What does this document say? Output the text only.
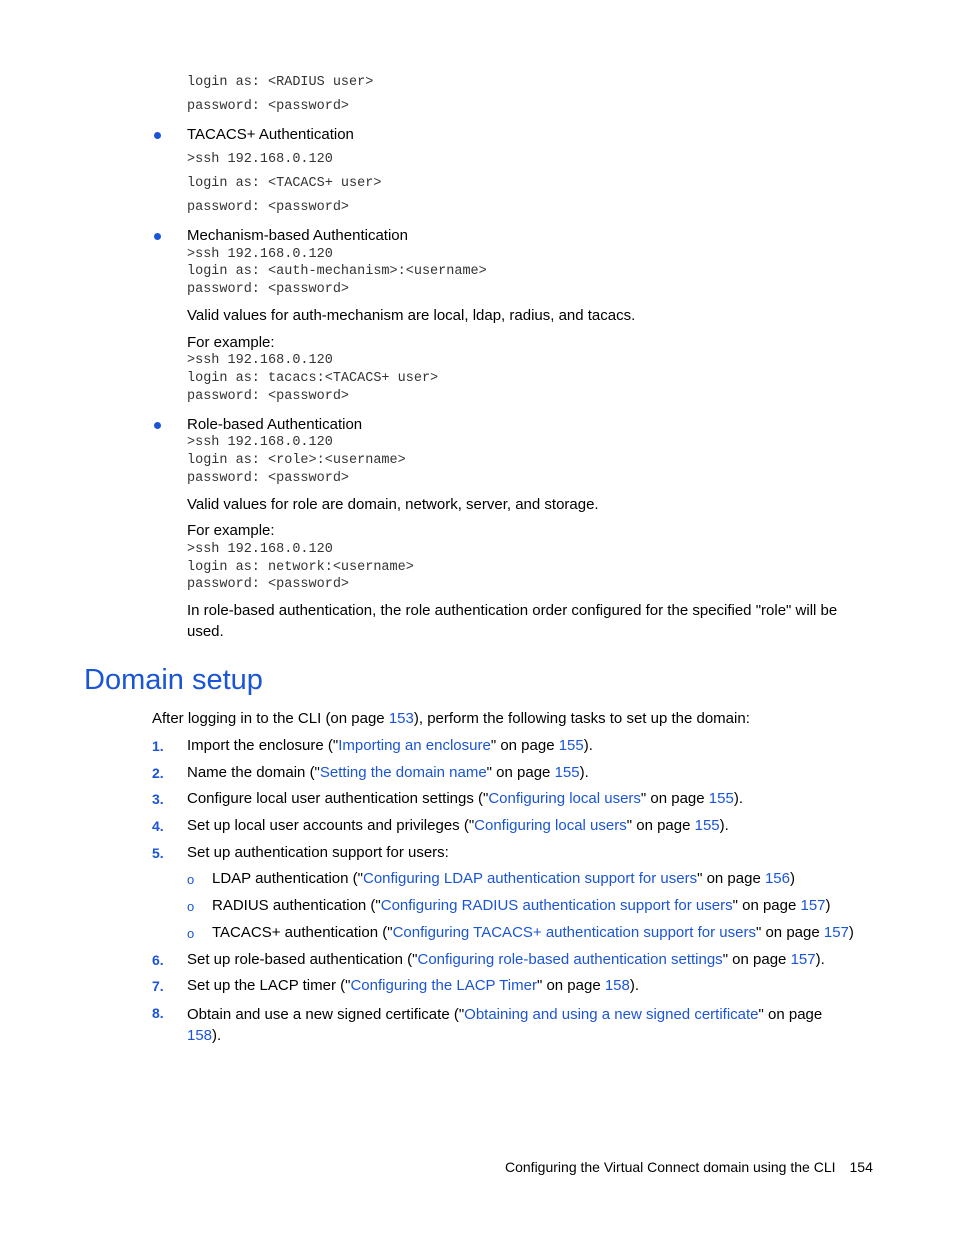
login as: <RADIUS user>
password: <password>
TACACS+ Authentication
>ssh 192.168.0.120
login as: <TACACS+ user>
password: <password>
Mechanism-based Authentication
>ssh 192.168.0.120
login as: <auth-mechanism>:<username>
password: <password>
Valid values for auth-mechanism are local, ldap, radius, and tacacs.
For example:
>ssh 192.168.0.120
login as: tacacs:<TACACS+ user>
password: <password>
Role-based Authentication
>ssh 192.168.0.120
login as: <role>:<username>
password: <password>
Valid values for role are domain, network, server, and storage.
For example:
>ssh 192.168.0.120
login as: network:<username>
password: <password>
In role-based authentication, the role authentication order configured for the specified "role" will be
used.
Domain setup
After logging in to the CLI (on page 153), perform the following tasks to set up the domain:
1. Import the enclosure ("Importing an enclosure" on page 155).
2. Name the domain ("Setting the domain name" on page 155).
3. Configure local user authentication settings ("Configuring local users" on page 155).
4. Set up local user accounts and privileges ("Configuring local users" on page 155).
5. Set up authentication support for users:
6. Set up role-based authentication ("Configuring role-based authentication settings" on page 157).
7. Set up the LACP timer ("Configuring the LACP Timer" on page 158).
8. Obtain and use a new signed certificate ("Obtaining and using a new signed certificate" on page
158).
o LDAP authentication ("Configuring LDAP authentication support for users" on page 156)
o RADIUS authentication ("Configuring RADIUS authentication support for users" on page 157)
o TACACS+ authentication ("Configuring TACACS+ authentication support for users" on page 157)
Configuring the Virtual Connect domain using the CLI 154
